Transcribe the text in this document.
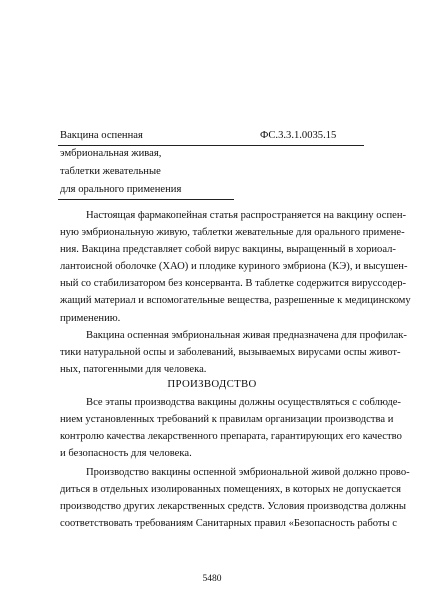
Вакцина оспенная
эмбриональная живая,
таблетки жевательные
для орального применения
ФС.3.3.1.0035.15
Настоящая фармакопейная статья распространяется на вакцину оспен-
ную эмбриональную живую, таблетки жевательные для орального примене-
ния. Вакцина представляет собой вирус вакцины, выращенный в хориоал-
лантоисной оболочке (ХАО) и плодике куриного эмбриона (КЭ), и высушен-
ный со стабилизатором без консерванта. В таблетке содержится вируссодер-
жащий материал и вспомогательные вещества, разрешенные к медицинскому
применению.
Вакцина оспенная эмбриональная живая предназначена для профилак-
тики натуральной оспы и заболеваний, вызываемых вирусами оспы живот-
ных, патогенными для человека.
ПРОИЗВОДСТВО
Все этапы производства вакцины должны осуществляться с соблюде-
нием установленных требований к правилам организации производства и
контролю качества лекарственного препарата, гарантирующих его качество
и безопасность для человека.
Производство вакцины оспенной эмбриональной живой должно прово-
диться в отдельных изолированных помещениях, в которых не допускается
производство других лекарственных средств. Условия производства должны
соответствовать требованиям Санитарных правил «Безопасность работы с
5480
